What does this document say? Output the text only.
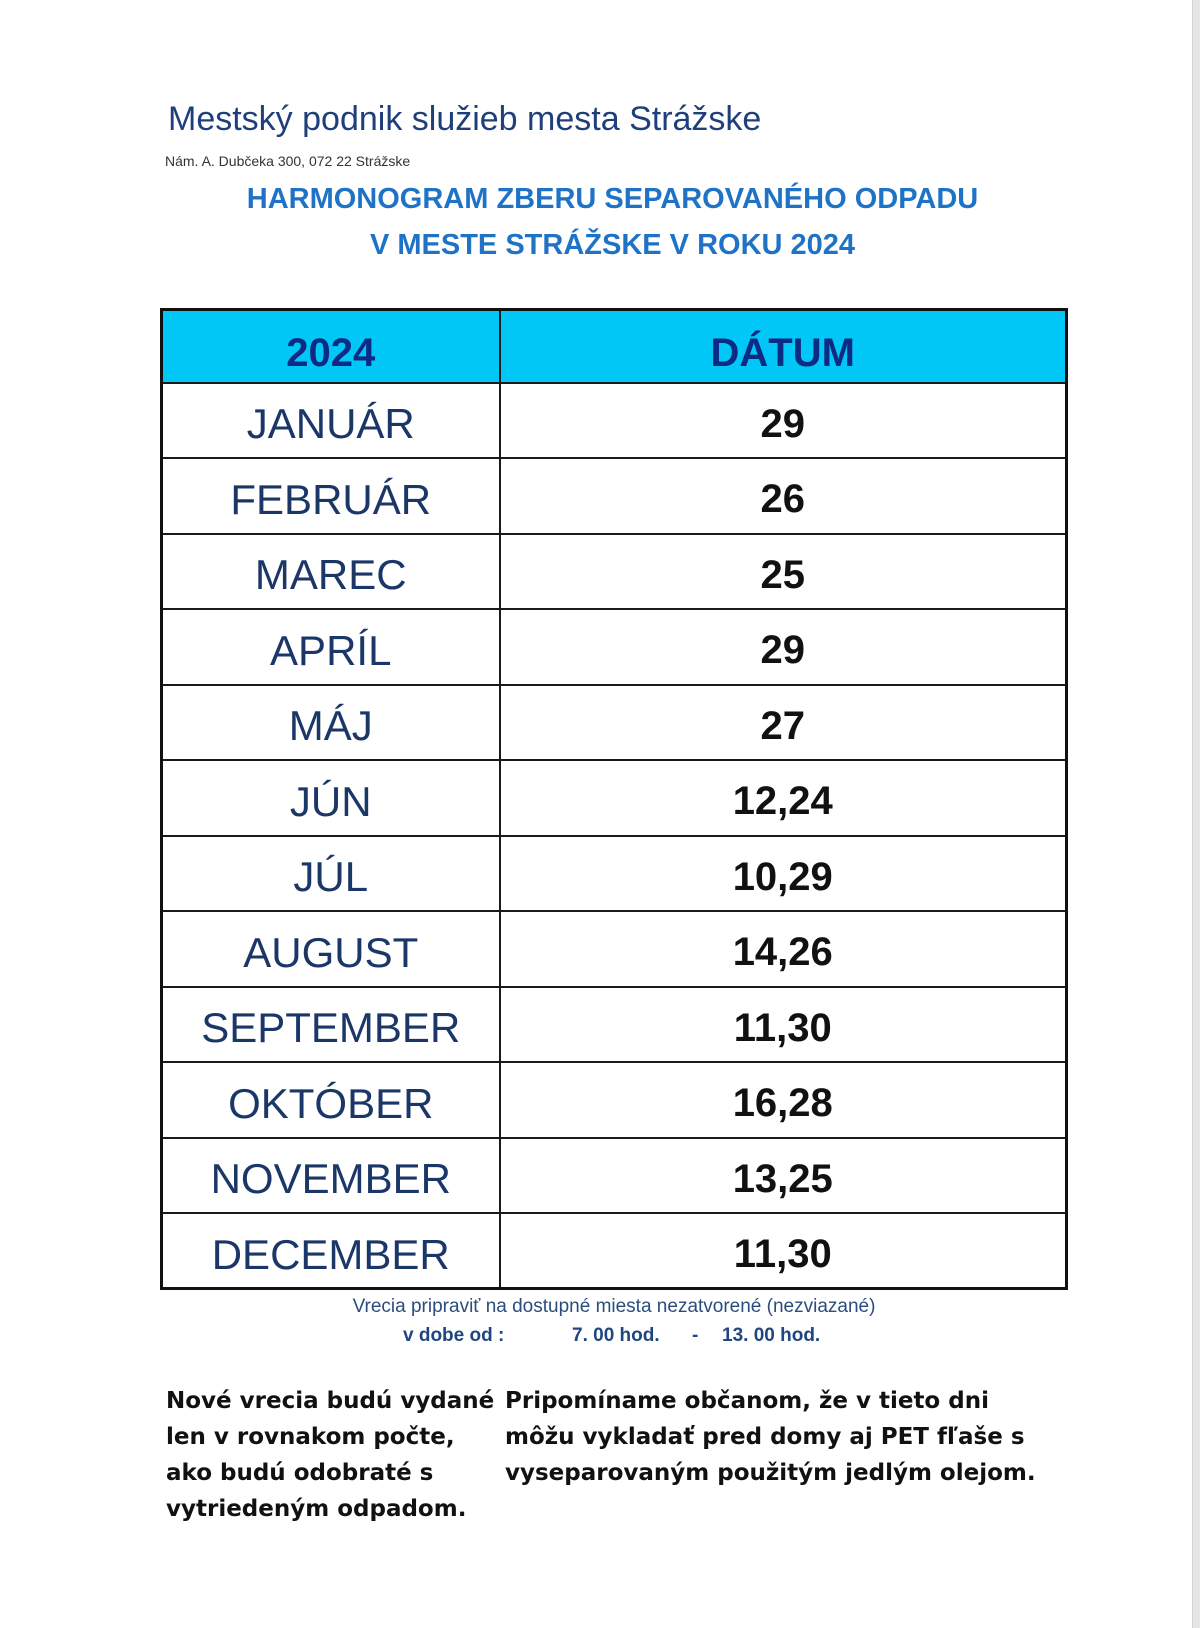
Mestský podnik služieb mesta Strážske
Nám. A. Dubčeka 300, 072 22 Strážske
HARMONOGRAM ZBERU SEPAROVANÉHO ODPADU
V MESTE STRÁŽSKE V ROKU 2024
2024	DÁTUM
JANUÁR	29
FEBRUÁR	26
MAREC	25
APRÍL	29
MÁJ	27
JÚN	12,24
JÚL	10,29
AUGUST	14,26
SEPTEMBER	11,30
OKTÓBER	16,28
NOVEMBER	13,25
DECEMBER	11,30
Vrecia pripraviť na dostupné miesta nezatvorené (nezviazané)
v dobe od :	7. 00 hod. - 13. 00 hod.
Nové vrecia budú vydané len v rovnakom počte, ako budú odobraté s vytriedeným odpadom.
Pripomíname občanom, že v tieto dni môžu vykladať pred domy aj PET fľaše s vyseparovaným použitým jedlým olejom.
